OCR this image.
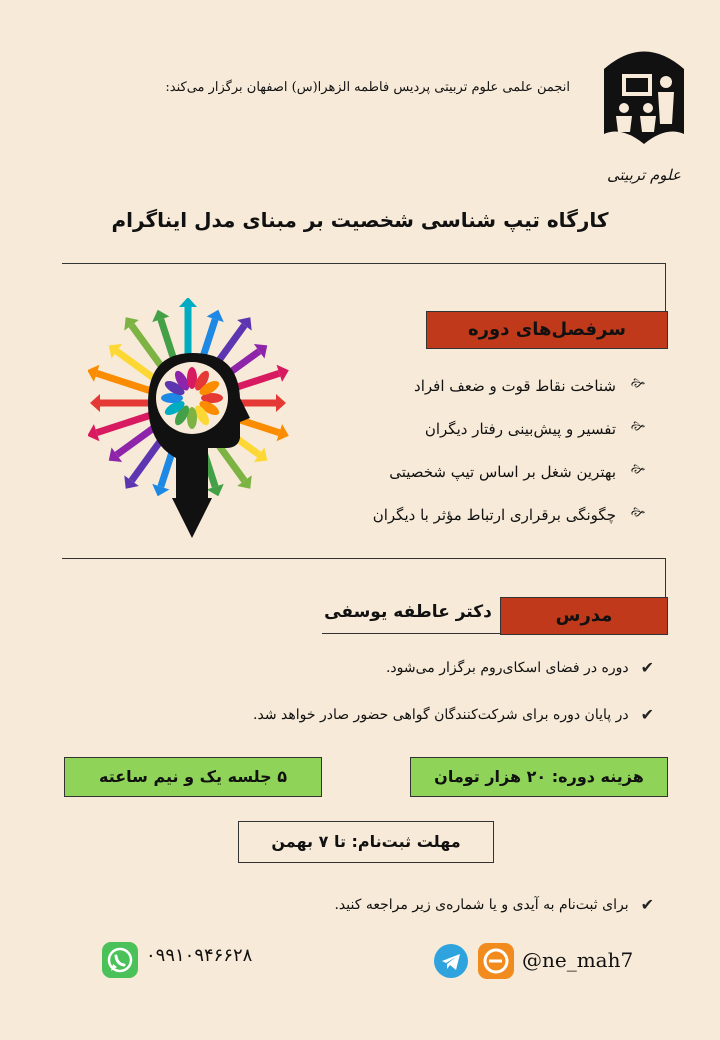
علوم تربیتی
انجمن علمی علوم تربیتی پردیس فاطمه الزهرا(س) اصفهان برگزار می‌کند:
کارگاه تیپ شناسی شخصیت بر مبنای مدل اینا‌گرام
سرفصل‌های دوره
🙚
شناخت نقاط قوت و ضعف افراد
🙚
تفسیر و پیش‌بینی رفتار دیگران
🙚
بهترین شغل بر اساس تیپ شخصیتی
🙚
چگونگی برقراری ارتباط مؤثر با دیگران
مدرس
دکتر عاطفه یوسفی
✔
دوره در فضای اسکای‌روم برگزار می‌شود.
✔
در پایان دوره برای شرکت‌کنندگان گواهی حضور صادر خواهد شد.
هزینه دوره: ۲۰ هزار تومان
۵ جلسه یک و نیم ساعته
مهلت ثبت‌نام: تا ۷ بهمن
✔
برای ثبت‌نام به آیدی و یا شماره‌ی زیر مراجعه کنید.
۰۹۹۱۰۹۴۶۶۲۸	@ne_mah7
